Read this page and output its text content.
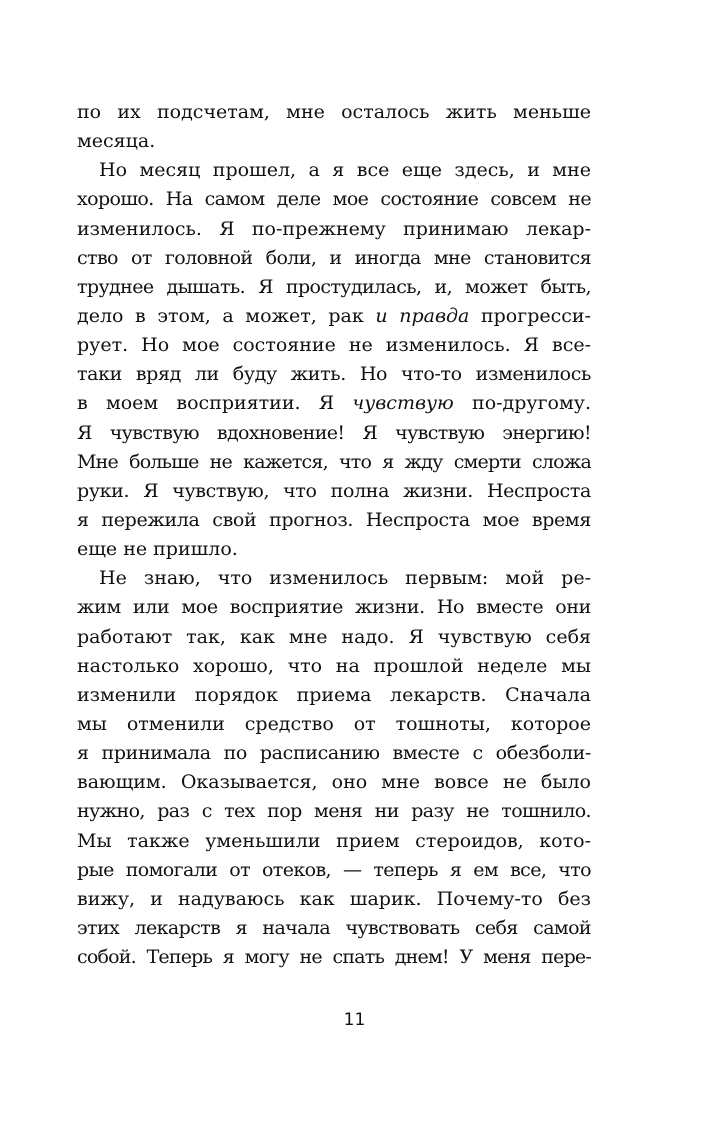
по их подсчетам, мне осталось жить меньше
месяца.
Но месяц прошел, а я все еще здесь, и мне
хорошо. На самом деле мое состояние совсем не
изменилось. Я по-прежнему принимаю лекар-
ство от головной боли, и иногда мне становится
труднее дышать. Я простудилась, и, может быть,
дело в этом, а может, рак и правда прогресси-
рует. Но мое состояние не изменилось. Я все-
таки вряд ли буду жить. Но что-то изменилось
в моем восприятии. Я чувствую по-другому.
Я чувствую вдохновение! Я чувствую энергию!
Мне больше не кажется, что я жду смерти сложа
руки. Я чувствую, что полна жизни. Неспроста
я пережила свой прогноз. Неспроста мое время
еще не пришло.
Не знаю, что изменилось первым: мой ре-
жим или мое восприятие жизни. Но вместе они
работают так, как мне надо. Я чувствую себя
настолько хорошо, что на прошлой неделе мы
изменили порядок приема лекарств. Сначала
мы отменили средство от тошноты, которое
я принимала по расписанию вместе с обезболи-
вающим. Оказывается, оно мне вовсе не было
нужно, раз с тех пор меня ни разу не тошнило.
Мы также уменьшили прием стероидов, кото-
рые помогали от отеков, — теперь я ем все, что
вижу, и надуваюсь как шарик. Почему-то без
этих лекарств я начала чувствовать себя самой
собой. Теперь я могу не спать днем! У меня пере-
11
